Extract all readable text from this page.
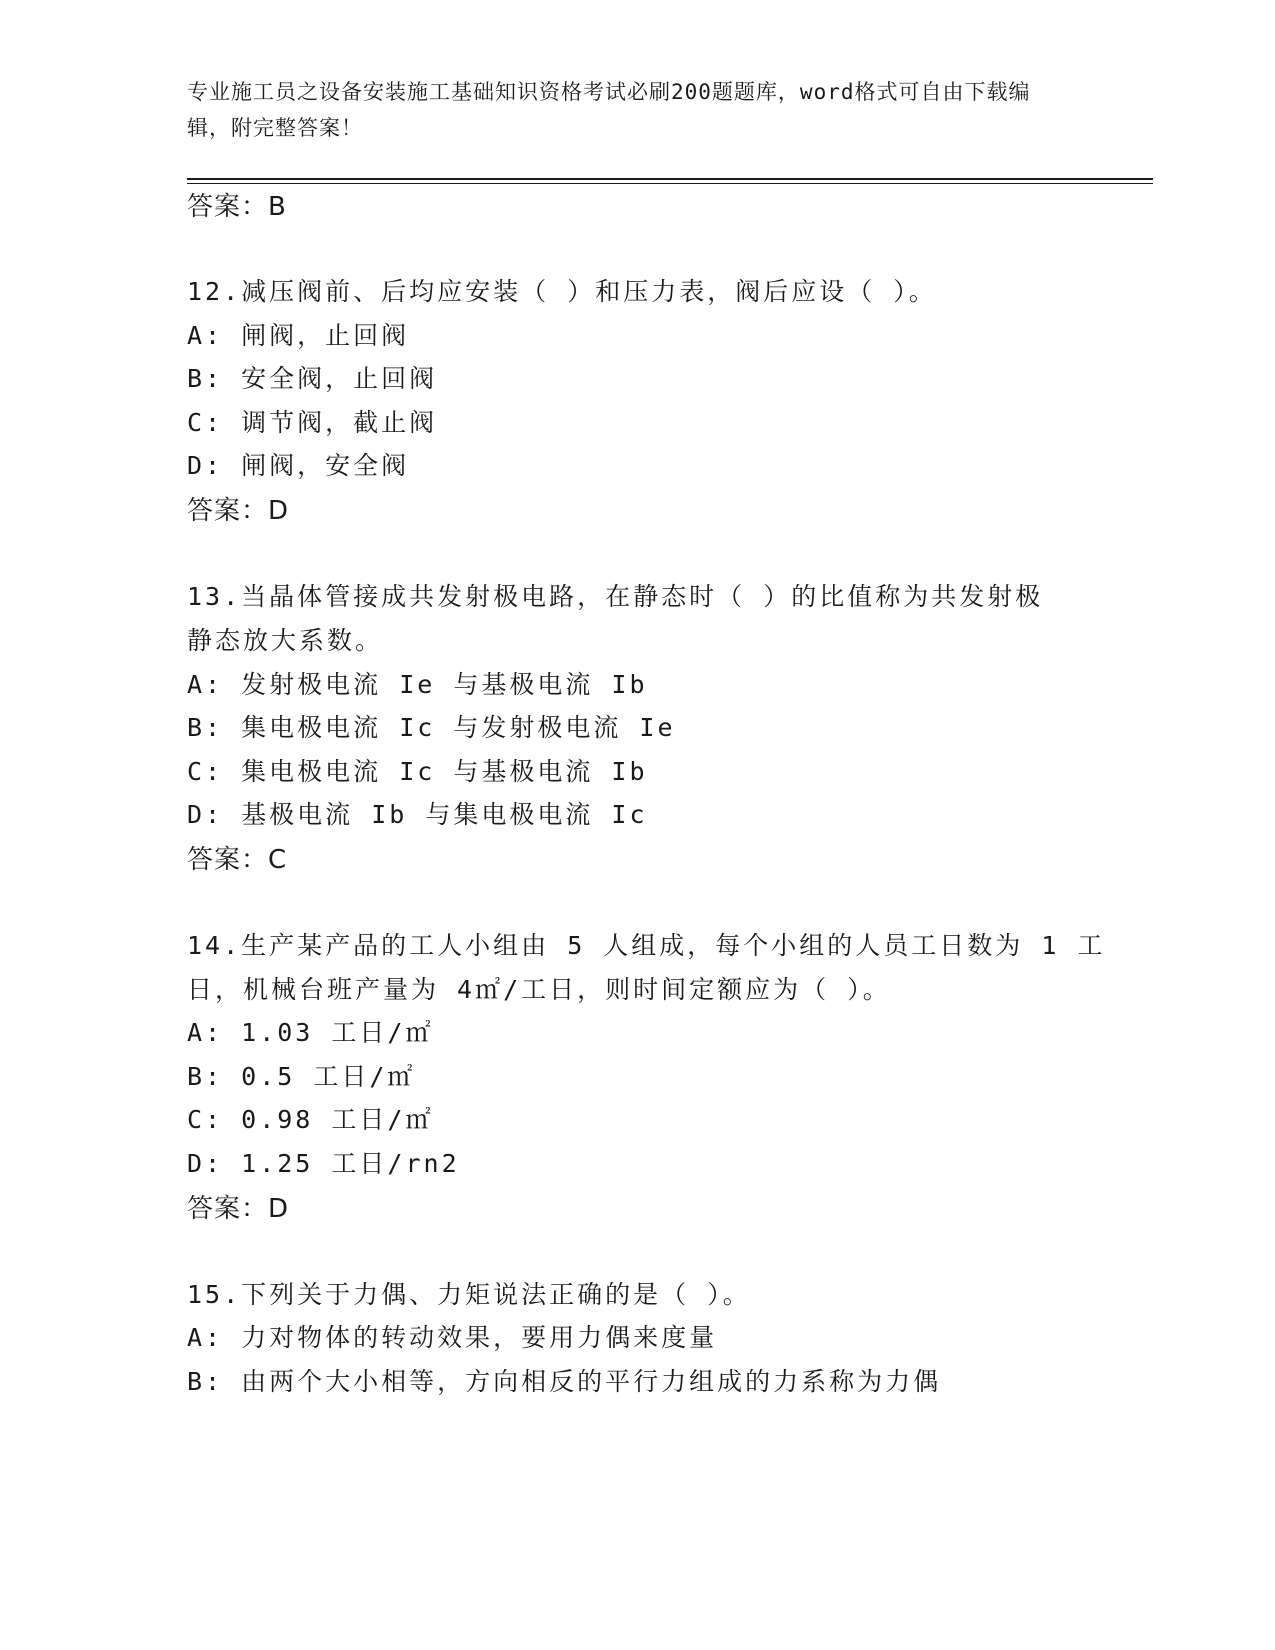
专业施工员之设备安装施工基础知识资格考试必刷200题题库，word格式可自由下载编辑，附完整答案！

答案：B
12.减压阀前、后均应安装（ ）和压力表，阀后应设（ ）。
A: 闸阀，止回阀
B: 安全阀，止回阀
C: 调节阀，截止阀
D: 闸阀，安全阀
答案：D
13.当晶体管接成共发射极电路，在静态时（ ）的比值称为共发射极
静态放大系数。
A: 发射极电流 Ie 与基极电流 Ib
B: 集电极电流 Ic 与发射极电流 Ie
C: 集电极电流 Ic 与基极电流 Ib
D: 基极电流 Ib 与集电极电流 Ic
答案：C
14.生产某产品的工人小组由 5 人组成，每个小组的人员工日数为 1 工
日，机械台班产量为 4㎡/工日，则时间定额应为（ ）。
A: 1.03 工日/㎡
B: 0.5 工日/㎡
C: 0.98 工日/㎡
D: 1.25 工日/rn2
答案：D
15.下列关于力偶、力矩说法正确的是（ ）。
A: 力对物体的转动效果，要用力偶来度量
B: 由两个大小相等，方向相反的平行力组成的力系称为力偶
